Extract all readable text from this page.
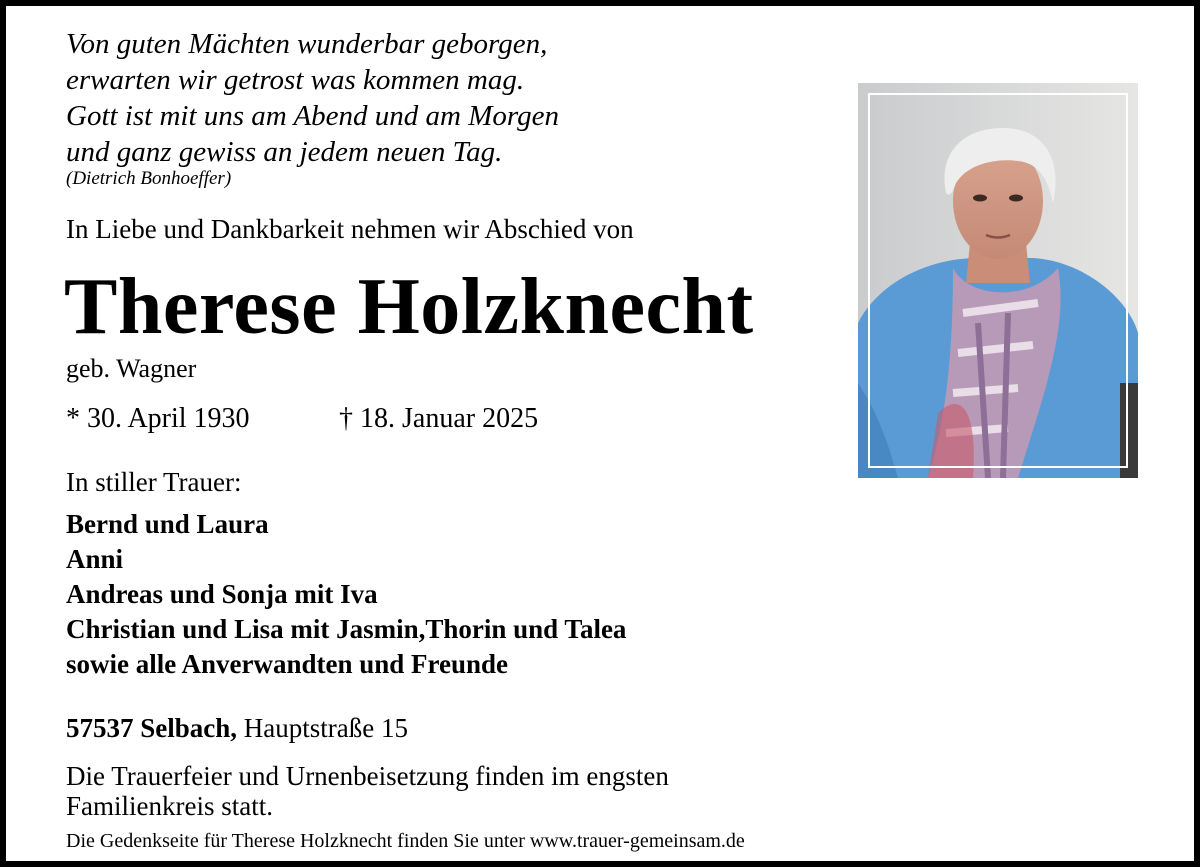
Von guten Mächten wunderbar geborgen,
erwarten wir getrost was kommen mag.
Gott ist mit uns am Abend und am Morgen
und ganz gewiss an jedem neuen Tag.
(Dietrich Bonhoeffer)
In Liebe und Dankbarkeit nehmen wir Abschied von
Therese Holzknecht
geb. Wagner
* 30. April 1930	† 18. Januar 2025
In stiller Trauer:
Bernd und Laura
Anni
Andreas und Sonja mit Iva
Christian und Lisa mit Jasmin,Thorin und Talea
sowie alle Anverwandten und Freunde
57537 Selbach, Hauptstraße 15
Die Trauerfeier und Urnenbeisetzung finden im engsten
Familienkreis statt.
Die Gedenkseite für Therese Holzknecht finden Sie unter www.trauer-gemeinsam.de
